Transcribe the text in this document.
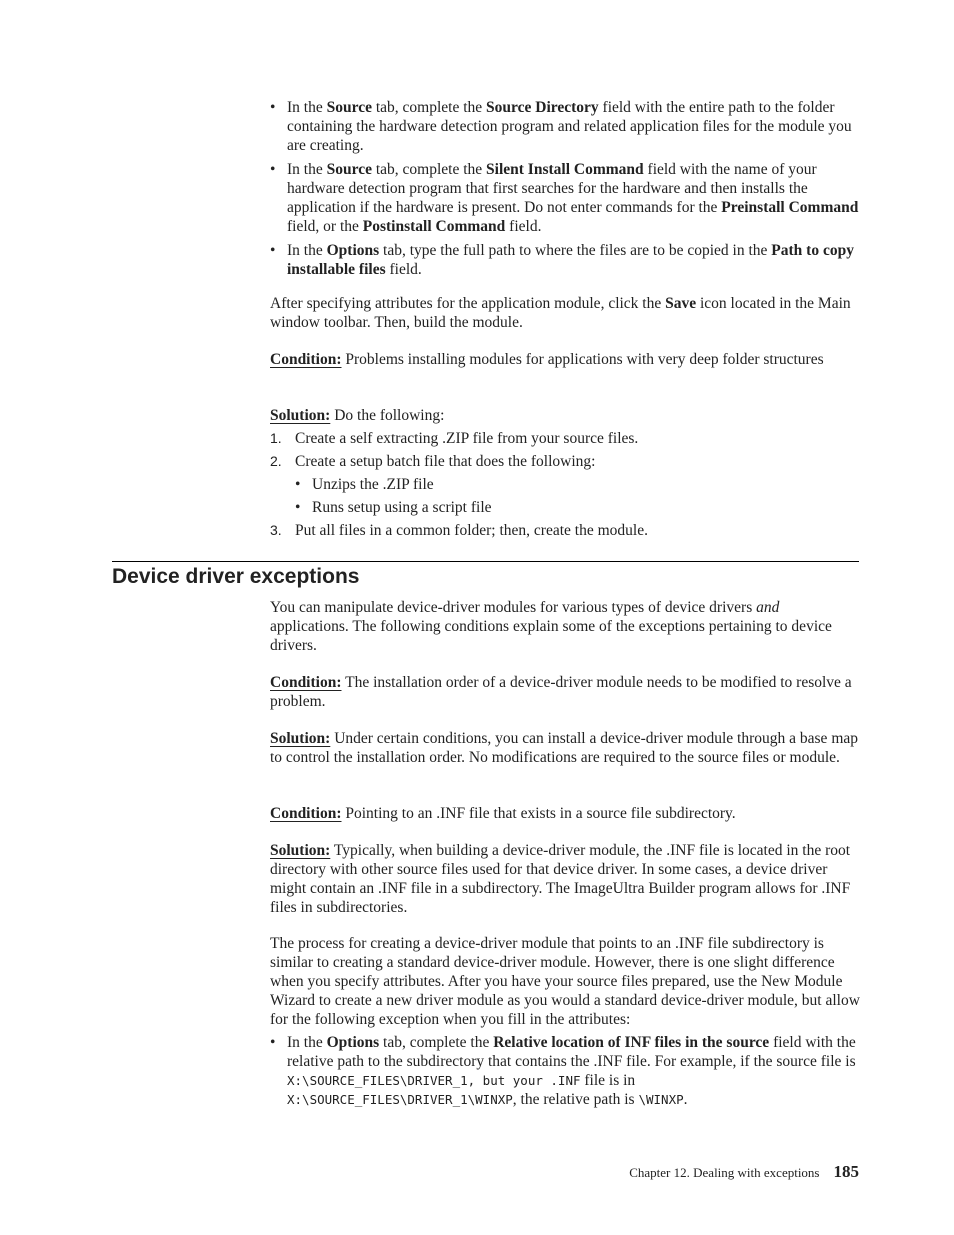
• In the Source tab, complete the Source Directory field with the entire path to the folder containing the hardware detection program and related application files for the module you are creating.
• In the Source tab, complete the Silent Install Command field with the name of your hardware detection program that first searches for the hardware and then installs the application if the hardware is present. Do not enter commands for the Preinstall Command field, or the Postinstall Command field.
• In the Options tab, type the full path to where the files are to be copied in the Path to copy installable files field.

After specifying attributes for the application module, click the Save icon located in the Main window toolbar. Then, build the module.

Condition: Problems installing modules for applications with very deep folder structures

Solution: Do the following:

1. Create a self extracting .ZIP file from your source files.
2. Create a setup batch file that does the following:
• Unzips the .ZIP file
• Runs setup using a script file
3. Put all files in a common folder; then, create the module.
Device driver exceptions

You can manipulate device-driver modules for various types of device drivers and applications. The following conditions explain some of the exceptions pertaining to device drivers.

Condition: The installation order of a device-driver module needs to be modified to resolve a problem.

Solution: Under certain conditions, you can install a device-driver module through a base map to control the installation order. No modifications are required to the source files or module.

Condition: Pointing to an .INF file that exists in a source file subdirectory.

Solution: Typically, when building a device-driver module, the .INF file is located in the root directory with other source files used for that device driver. In some cases, a device driver might contain an .INF file in a subdirectory. The ImageUltra Builder program allows for .INF files in subdirectories.

The process for creating a device-driver module that points to an .INF file subdirectory is similar to creating a standard device-driver module. However, there is one slight difference when you specify attributes. After you have your source files prepared, use the New Module Wizard to create a new driver module as you would a standard device-driver module, but allow for the following exception when you fill in the attributes:

• In the Options tab, complete the Relative location of INF files in the source field with the relative path to the subdirectory that contains the .INF file. For example, if the source file is X:\SOURCE_FILES\DRIVER_1, but your .INF file is in X:\SOURCE_FILES\DRIVER_1\WINXP, the relative path is \WINXP.
Chapter 12. Dealing with exceptions 185
